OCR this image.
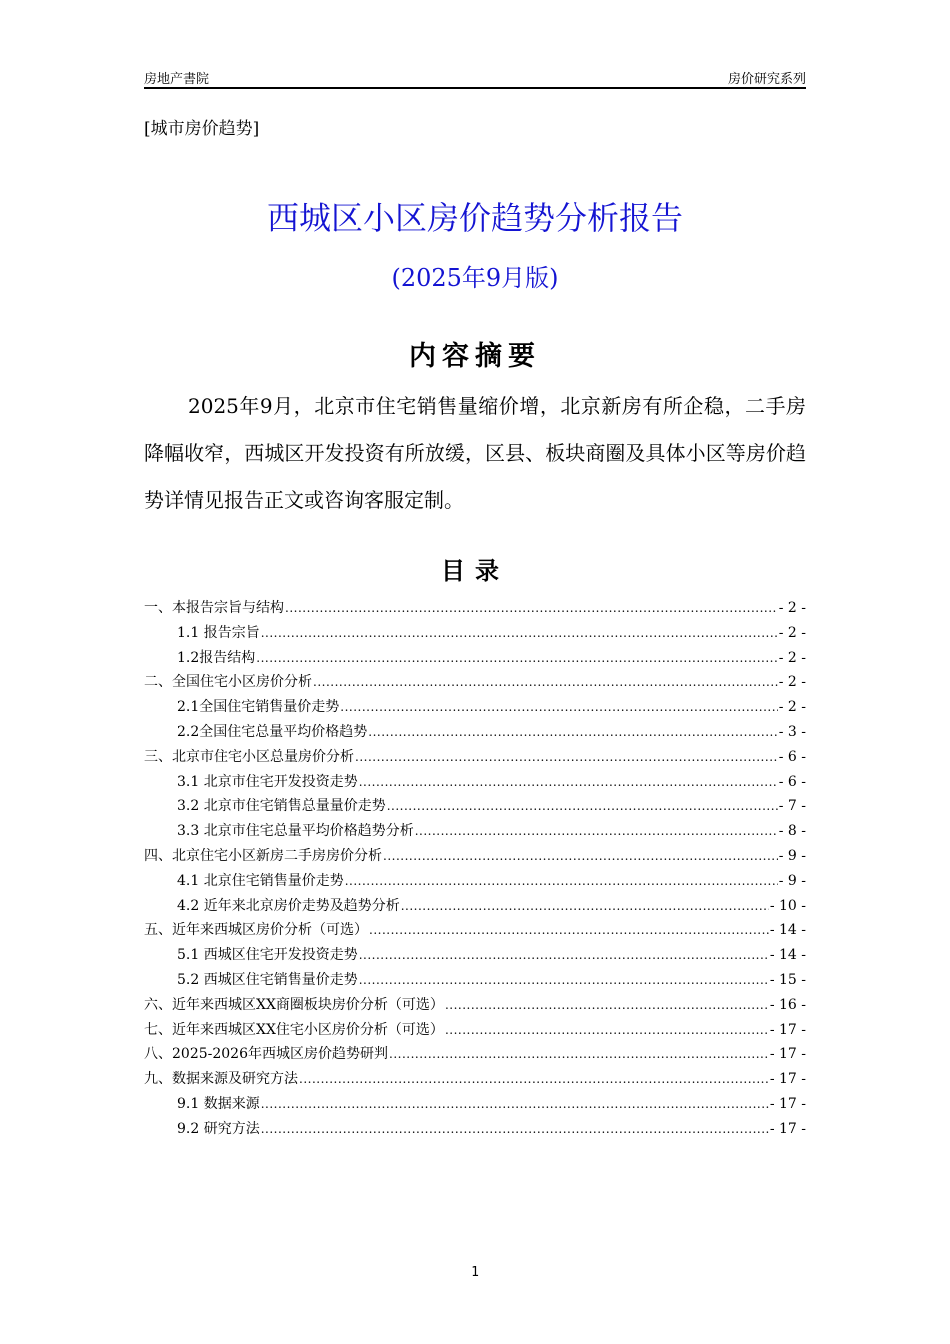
房地产書院	房价研究系列
[城市房价趋势]
西城区小区房价趋势分析报告
(2025年9月版)
内容摘要

2025年9月，北京市住宅销售量缩价增，北京新房有所企稳，二手房降幅收窄，西城区开发投资有所放缓，区县、板块商圈及具体小区等房价趋势详情见报告正文或咨询客服定制。

目录
一、本报告宗旨与结构 .....	- 2 -
1.1 报告宗旨 .....	- 2 -
1.2报告结构 .....	- 2 -
二、全国住宅小区房价分析 .....	- 2 -
2.1全国住宅销售量价走势 .....	- 2 -
2.2全国住宅总量平均价格趋势 .....	- 3 -
三、北京市住宅小区总量房价分析 .....	- 6 -
3.1 北京市住宅开发投资走势 .....	- 6 -
3.2 北京市住宅销售总量量价走势 .....	- 7 -
3.3 北京市住宅总量平均价格趋势分析 .....	- 8 -
四、北京住宅小区新房二手房房价分析 .....	- 9 -
4.1 北京住宅销售量价走势 .....	- 9 -
4.2 近年来北京房价走势及趋势分析 .....	- 10 -
五、近年来西城区房价分析（可选） .....	- 14 -
5.1 西城区住宅开发投资走势 .....	- 14 -
5.2 西城区住宅销售量价走势 .....	- 15 -
六、近年来西城区XX商圈板块房价分析（可选） .....	- 16 -
七、近年来西城区XX住宅小区房价分析（可选） .....	- 17 -
八、2025-2026年西城区房价趋势研判 .....	- 17 -
九、数据来源及研究方法 .....	- 17 -
9.1 数据来源 .....	- 17 -
9.2 研究方法 .....	- 17 -
1
